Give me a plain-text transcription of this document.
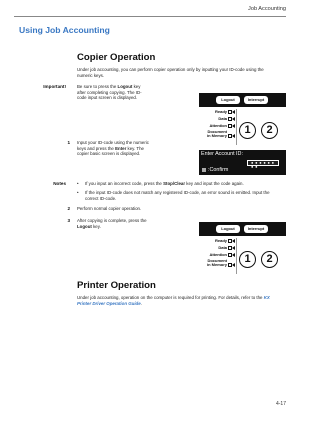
Job Accounting
Using Job Accounting
Copier Operation
Under job accounting, you can perform copier operation only by inputting your ID-code using the numeric keys.
Important!	Be sure to press the Logout key after completing copying. The ID-code input screen is displayed.	Logout	Interrupt
Ready
Data
Attention
Document
in Memory	1	2
1 Input your ID-code using the numeric keys and press the Enter key. The copier basic screen is displayed.	Enter Account ID:
● ● ● ● ● ● ● ●
:Confirm
Notes	• If you input an incorrect code, press the Stop/Clear key and input the code again.
• If the input ID-code does not match any registered ID-code, an error sound is emitted. Input the correct ID-code.
2 Perform normal copier operation.
3 After copying is complete, press the Logout key.	Logout	Interrupt
Ready
Data
Attention
Document
in Memory	1	2
Printer Operation
Under job accounting, operation on the computer is required for printing. For details, refer to the KX Printer Driver Operation Guide.
4-17
